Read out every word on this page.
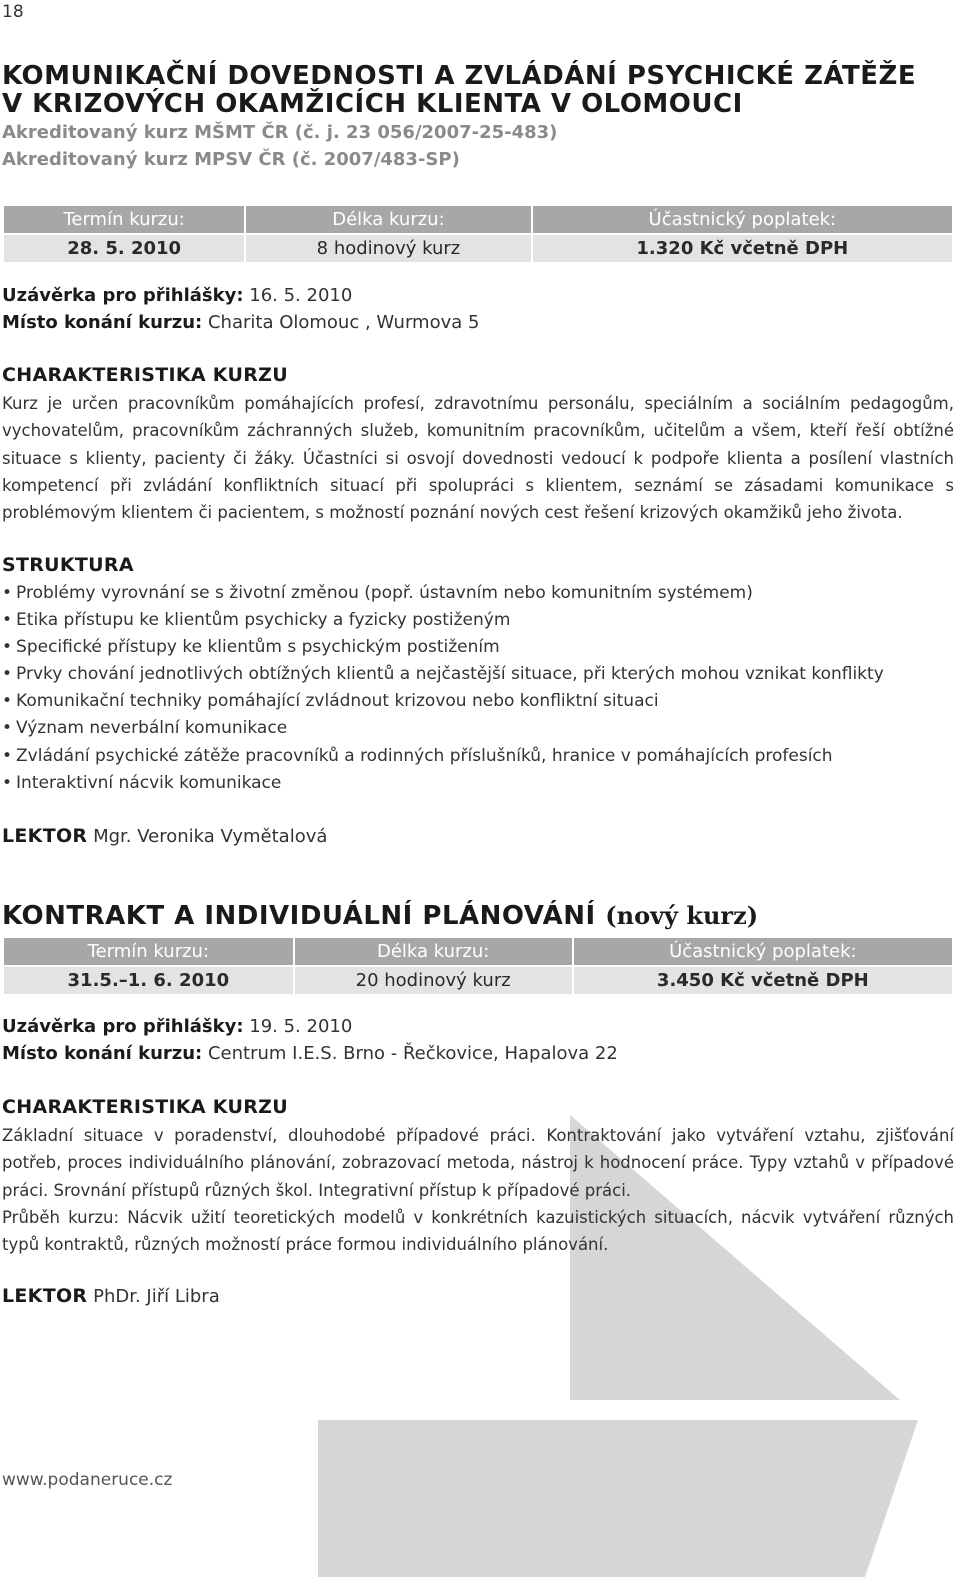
18
KOMUNIKAČNÍ DOVEDNOSTI A ZVLÁDÁNÍ PSYCHICKÉ ZÁTĚŽE
V KRIZOVÝCH OKAMŽICÍCH KLIENTA V OLOMOUCI
Akreditovaný kurz MŠMT ČR (č. j. 23 056/2007-25-483)
Akreditovaný kurz MPSV ČR (č. 2007/483-SP)
Termín kurzu:	Délka kurzu:	Účastnický poplatek:
28. 5. 2010	8 hodinový kurz	1.320 Kč včetně DPH
Uzávěrka pro přihlášky: 16. 5. 2010
Místo konání kurzu: Charita Olomouc , Wurmova 5
CHARAKTERISTIKA KURZU

Kurz je určen pracovníkům pomáhajících profesí, zdravotnímu personálu, speciálním a sociálním pedagogům, vychovatelům, pracovníkům záchranných služeb, komunitním pracovníkům, učitelům a všem, kteří řeší obtížné situace s klienty, pacienty či žáky. Účastníci si osvojí dovednosti vedoucí k podpoře klienta a posílení vlastních kompetencí při zvládání konfliktních situací při spolupráci s klientem, seznámí se zásadami komunikace s problémovým klientem či pacientem, s možností poznání nových cest řešení krizových okamžiků jeho života.

STRUKTURA
• Problémy vyrovnání se s životní změnou (popř. ústavním nebo komunitním systémem)
• Etika přístupu ke klientům psychicky a fyzicky postiženým
• Specifické přístupy ke klientům s psychickým postižením
• Prvky chování jednotlivých obtížných klientů a nejčastější situace, při kterých mohou vznikat konflikty
• Komunikační techniky pomáhající zvládnout krizovou nebo konfliktní situaci
• Význam neverbální komunikace
• Zvládání psychické zátěže pracovníků a rodinných příslušníků, hranice v pomáhajících profesích
• Interaktivní nácvik komunikace
LEKTOR Mgr. Veronika Vymětalová
KONTRAKT A INDIVIDUÁLNÍ PLÁNOVÁNÍ (nový kurz)
Termín kurzu:	Délka kurzu:	Účastnický poplatek:
31.5.–1. 6. 2010	20 hodinový kurz	3.450 Kč včetně DPH
Uzávěrka pro přihlášky: 19. 5. 2010
Místo konání kurzu: Centrum I.E.S. Brno - Řečkovice, Hapalova 22
CHARAKTERISTIKA KURZU

Základní situace v poradenství, dlouhodobé případové práci. Kontraktování jako vytváření vztahu, zjišťování potřeb, proces individuálního plánování, zobrazovací metoda, nástroj k hodnocení práce. Typy vztahů v případové práci. Srovnání přístupů různých škol. Integrativní přístup k případové práci.

Průběh kurzu: Nácvik užití teoretických modelů v konkrétních kazuistických situacích, nácvik vytváření různých typů kontraktů, různých možností práce formou individuálního plánování.

LEKTOR PhDr. Jiří Libra
www.podaneruce.cz
